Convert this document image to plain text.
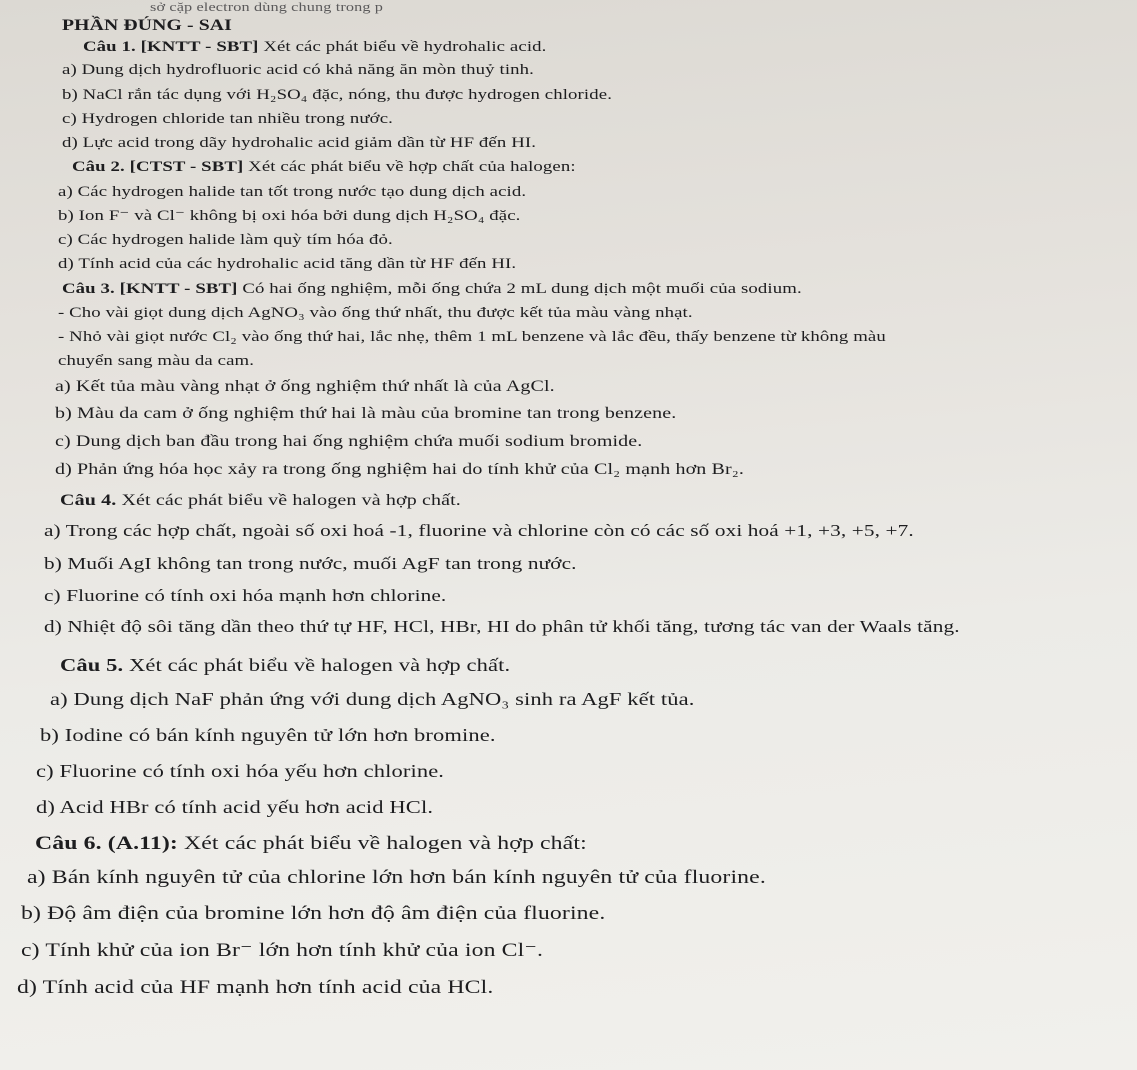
sở cặp electron dùng chung trong p
PHẦN ĐÚNG - SAI
Câu 1. [KNTT - SBT] Xét các phát biểu về hydrohalic acid.
a) Dung dịch hydrofluoric acid có khả năng ăn mòn thuỷ tinh.
b) NaCl rắn tác dụng với H₂SO₄ đặc, nóng, thu được hydrogen chloride.
c) Hydrogen chloride tan nhiều trong nước.
d) Lực acid trong dãy hydrohalic acid giảm dần từ HF đến HI.
Câu 2. [CTST - SBT] Xét các phát biểu về hợp chất của halogen:
a) Các hydrogen halide tan tốt trong nước tạo dung dịch acid.
b) Ion F⁻ và Cl⁻ không bị oxi hóa bởi dung dịch H₂SO₄ đặc.
c) Các hydrogen halide làm quỳ tím hóa đỏ.
d) Tính acid của các hydrohalic acid tăng dần từ HF đến HI.
Câu 3. [KNTT - SBT] Có hai ống nghiệm, mỗi ống chứa 2 mL dung dịch một muối của sodium.
- Cho vài giọt dung dịch AgNO₃ vào ống thứ nhất, thu được kết tủa màu vàng nhạt.
- Nhỏ vài giọt nước Cl₂ vào ống thứ hai, lắc nhẹ, thêm 1 mL benzene và lắc đều, thấy benzene từ không màu
chuyển sang màu da cam.
a) Kết tủa màu vàng nhạt ở ống nghiệm thứ nhất là của AgCl.
b) Màu da cam ở ống nghiệm thứ hai là màu của bromine tan trong benzene.
c) Dung dịch ban đầu trong hai ống nghiệm chứa muối sodium bromide.
d) Phản ứng hóa học xảy ra trong ống nghiệm hai do tính khử của Cl₂ mạnh hơn Br₂.
Câu 4. Xét các phát biểu về halogen và hợp chất.
a) Trong các hợp chất, ngoài số oxi hoá -1, fluorine và chlorine còn có các số oxi hoá +1, +3, +5, +7.
b) Muối AgI không tan trong nước, muối AgF tan trong nước.
c) Fluorine có tính oxi hóa mạnh hơn chlorine.
d) Nhiệt độ sôi tăng dần theo thứ tự HF, HCl, HBr, HI do phân tử khối tăng, tương tác van der Waals tăng.
Câu 5. Xét các phát biểu về halogen và hợp chất.
a) Dung dịch NaF phản ứng với dung dịch AgNO₃ sinh ra AgF kết tủa.
b) Iodine có bán kính nguyên tử lớn hơn bromine.
c) Fluorine có tính oxi hóa yếu hơn chlorine.
d) Acid HBr có tính acid yếu hơn acid HCl.
Câu 6. (A.11): Xét các phát biểu về halogen và hợp chất:
a) Bán kính nguyên tử của chlorine lớn hơn bán kính nguyên tử của fluorine.
b) Độ âm điện của bromine lớn hơn độ âm điện của fluorine.
c) Tính khử của ion Br⁻ lớn hơn tính khử của ion Cl⁻.
d) Tính acid của HF mạnh hơn tính acid của HCl.
